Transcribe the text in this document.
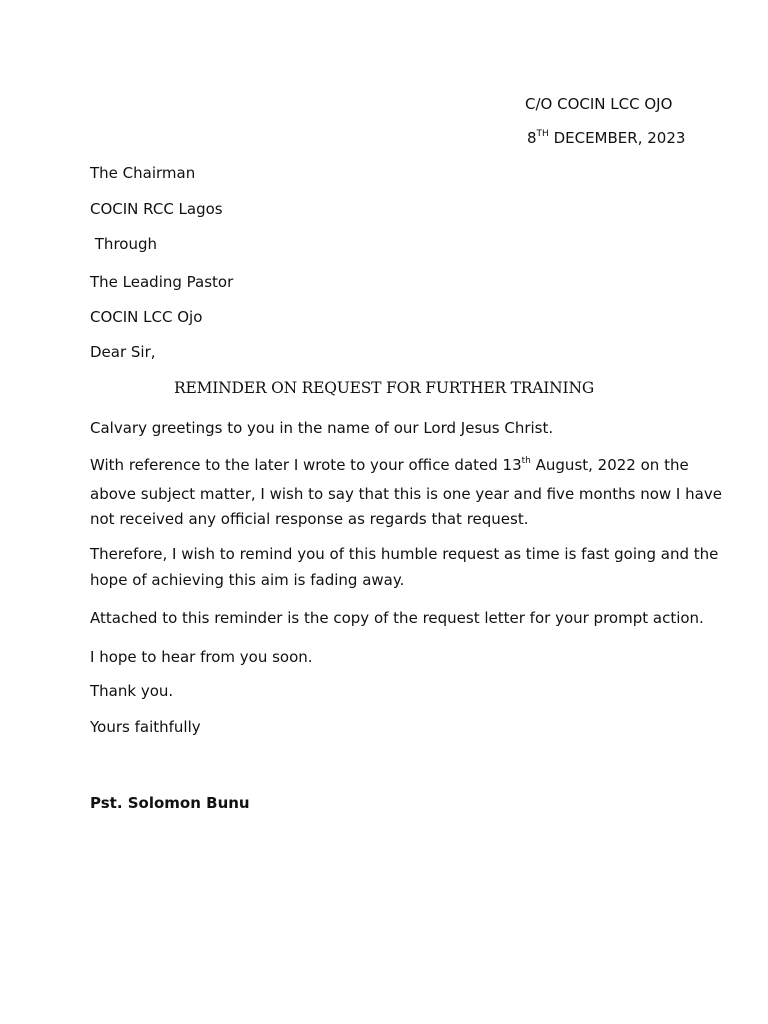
C/O COCIN LCC OJO

8TH DECEMBER, 2023

The Chairman

COCIN RCC Lagos

Through

The Leading Pastor

COCIN LCC Ojo

Dear Sir,

REMINDER ON REQUEST FOR FURTHER TRAINING

Calvary greetings to you in the name of our Lord Jesus Christ.

With reference to the later I wrote to your office dated 13th August, 2022 on the above subject matter, I wish to say that this is one year and five months now I have not received any official response as regards that request.

Therefore, I wish to remind you of this humble request as time is fast going and the hope of achieving this aim is fading away.

Attached to this reminder is the copy of the request letter for your prompt action.

I hope to hear from you soon.

Thank you.

Yours faithfully

Pst. Solomon Bunu
